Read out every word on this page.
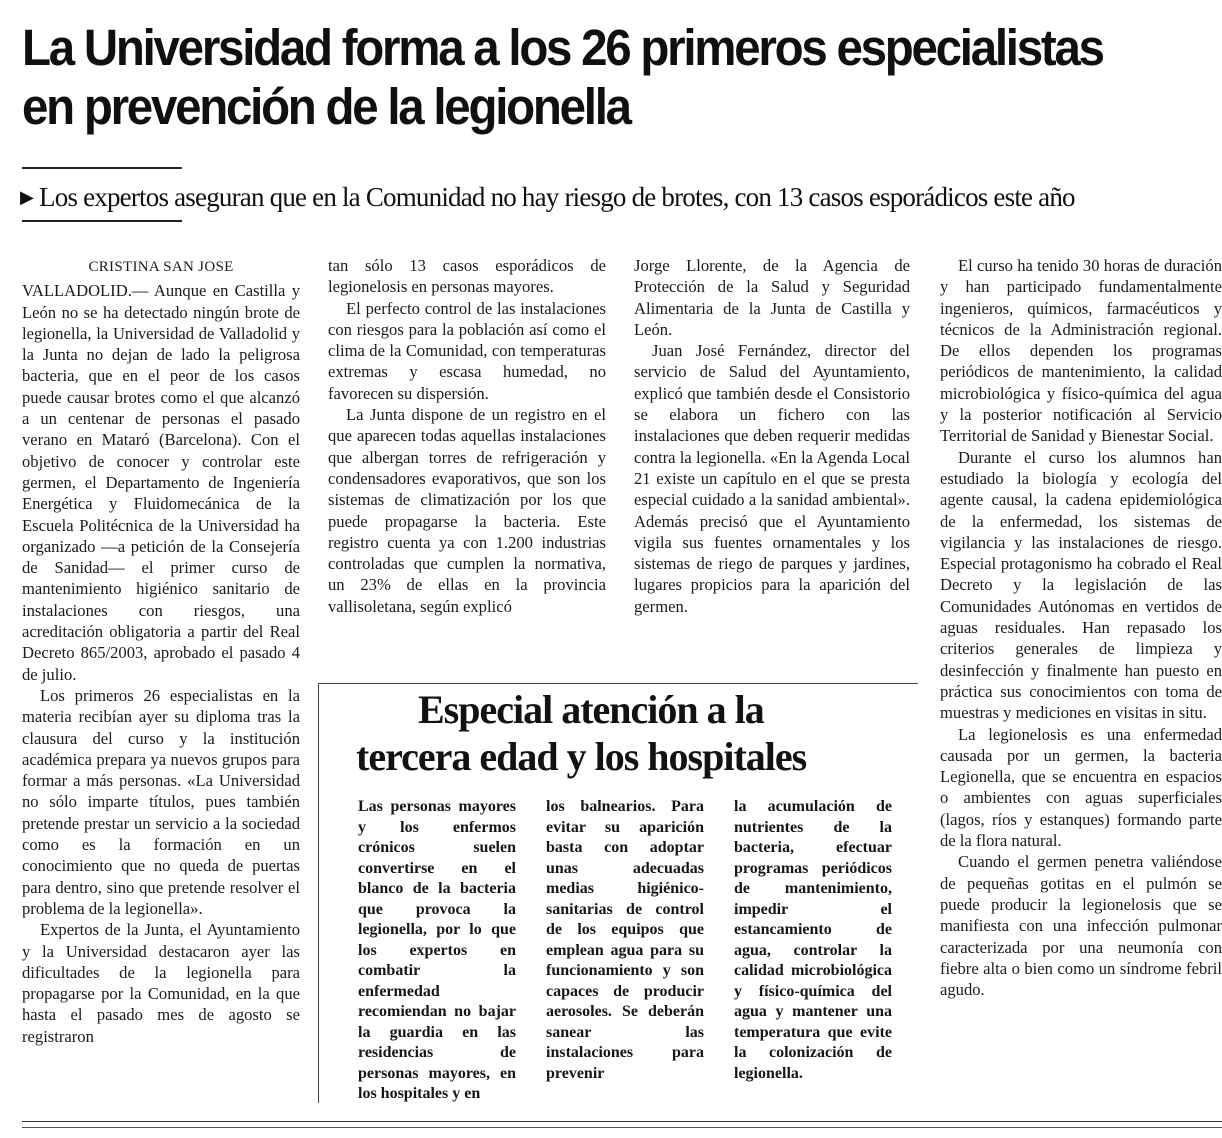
La Universidad forma a los 26 primeros especialistas en prevención de la legionella
▶ Los expertos aseguran que en la Comunidad no hay riesgo de brotes, con 13 casos esporádicos este año

CRISTINA SAN JOSE

VALLADOLID.— Aunque en Castilla y León no se ha detectado ningún brote de legionella, la Universidad de Valladolid y la Junta no dejan de lado la peligrosa bacteria, que en el peor de los casos puede causar brotes como el que alcanzó a un centenar de personas el pasado verano en Mataró (Barcelona). Con el objetivo de conocer y controlar este germen, el Departamento de Ingeniería Energética y Fluidomecánica de la Escuela Politécnica de la Universidad ha organizado —a petición de la Consejería de Sanidad— el primer curso de mantenimiento higiénico sanitario de instalaciones con riesgos, una acreditación obligatoria a partir del Real Decreto 865/2003, aprobado el pasado 4 de julio.

Los primeros 26 especialistas en la materia recibían ayer su diploma tras la clausura del curso y la institución académica prepara ya nuevos grupos para formar a más personas. «La Universidad no sólo imparte títulos, pues también pretende prestar un servicio a la sociedad como es la formación en un conocimiento que no queda de puertas para dentro, sino que pretende resolver el problema de la legionella».

Expertos de la Junta, el Ayuntamiento y la Universidad destacaron ayer las dificultades de la legionella para propagarse por la Comunidad, en la que hasta el pasado mes de agosto se registraron

tan sólo 13 casos esporádicos de legionelosis en personas mayores.

El perfecto control de las instalaciones con riesgos para la población así como el clima de la Comunidad, con temperaturas extremas y escasa humedad, no favorecen su dispersión.

La Junta dispone de un registro en el que aparecen todas aquellas instalaciones que albergan torres de refrigeración y condensadores evaporativos, que son los sistemas de climatización por los que puede propagarse la bacteria. Este registro cuenta ya con 1.200 industrias controladas que cumplen la normativa, un 23% de ellas en la provincia vallisoletana, según explicó

Jorge Llorente, de la Agencia de Protección de la Salud y Seguridad Alimentaria de la Junta de Castilla y León.

Juan José Fernández, director del servicio de Salud del Ayuntamiento, explicó que también desde el Consistorio se elabora un fichero con las instalaciones que deben requerir medidas contra la legionella. «En la Agenda Local 21 existe un capítulo en el que se presta especial cuidado a la sanidad ambiental». Además precisó que el Ayuntamiento vigila sus fuentes ornamentales y los sistemas de riego de parques y jardines, lugares propicios para la aparición del germen.

El curso ha tenido 30 horas de duración y han participado fundamentalmente ingenieros, químicos, farmacéuticos y técnicos de la Administración regional. De ellos dependen los programas periódicos de mantenimiento, la calidad microbiológica y físico-química del agua y la posterior notificación al Servicio Territorial de Sanidad y Bienestar Social.

Durante el curso los alumnos han estudiado la biología y ecología del agente causal, la cadena epidemiológica de la enfermedad, los sistemas de vigilancia y las instalaciones de riesgo. Especial protagonismo ha cobrado el Real Decreto y la legislación de las Comunidades Autónomas en vertidos de aguas residuales. Han repasado los criterios generales de limpieza y desinfección y finalmente han puesto en práctica sus conocimientos con toma de muestras y mediciones en visitas in situ.

La legionelosis es una enfermedad causada por un germen, la bacteria Legionella, que se encuentra en espacios o ambientes con aguas superficiales (lagos, ríos y estanques) formando parte de la flora natural.

Cuando el germen penetra valiéndose de pequeñas gotitas en el pulmón se puede producir la legionelosis que se manifiesta con una infección pulmonar caracterizada por una neumonía con fiebre alta o bien como un síndrome febril agudo.

Especial atención a la
tercera edad y los hospitales
Las personas mayores y los enfermos crónicos suelen convertirse en el blanco de la bacteria que provoca la legionella, por lo que los expertos en combatir la enfermedad recomiendan no bajar la guardia en las residencias de personas mayores, en los hospitales y en
los balnearios. Para evitar su aparición basta con adoptar unas adecuadas medias higiénico-sanitarias de control de los equipos que emplean agua para su funcionamiento y son capaces de producir aerosoles. Se deberán sanear las instalaciones para prevenir
la acumulación de nutrientes de la bacteria, efectuar programas periódicos de mantenimiento, impedir el estancamiento de agua, controlar la calidad microbiológica y físico-química del agua y mantener una temperatura que evite la colonización de legionella.
